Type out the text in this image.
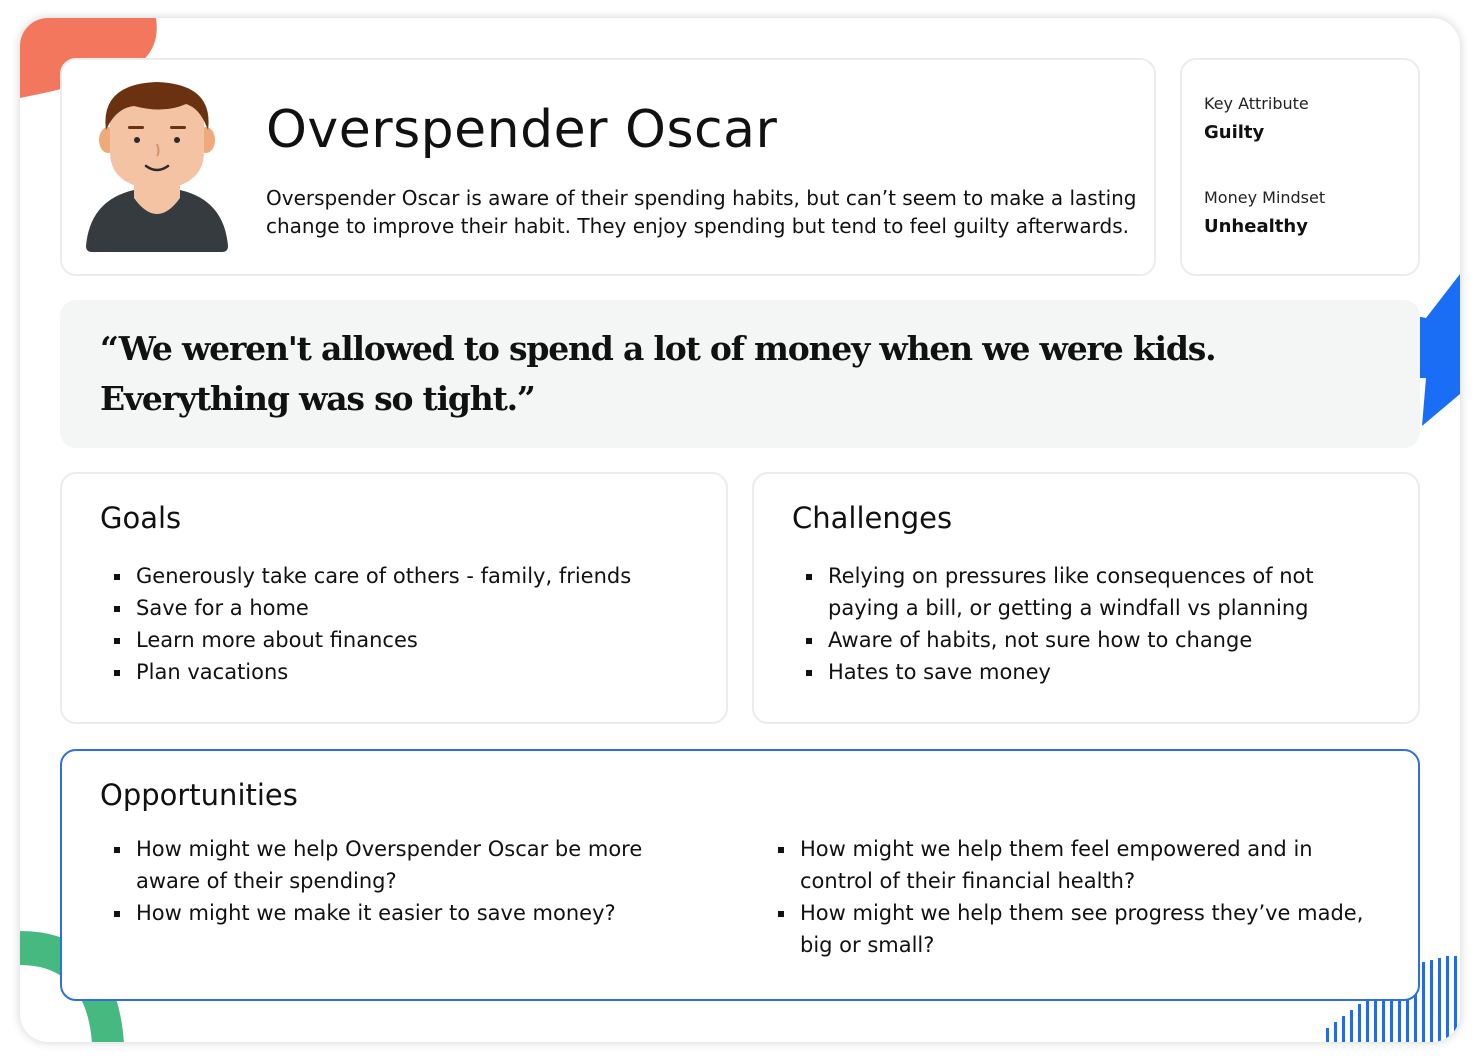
Overspender Oscar

Overspender Oscar is aware of their spending habits, but can’t seem to make a lasting change to improve their habit. They enjoy spending but tend to feel guilty afterwards.

Key Attribute

Guilty

Money Mindset

Unhealthy

“We weren't allowed to spend a lot of money when we were kids. Everything was so tight.”

Goals
Generously take care of others - family, friends
Save for a home
Learn more about finances
Plan vacations
Challenges
Relying on pressures like consequences of not paying a bill, or getting a windfall vs planning
Aware of habits, not sure how to change
Hates to save money
Opportunities
How might we help Overspender Oscar be more aware of their spending?
How might we make it easier to save money?
How might we help them feel empowered and in control of their financial health?
How might we help them see progress they’ve made, big or small?
